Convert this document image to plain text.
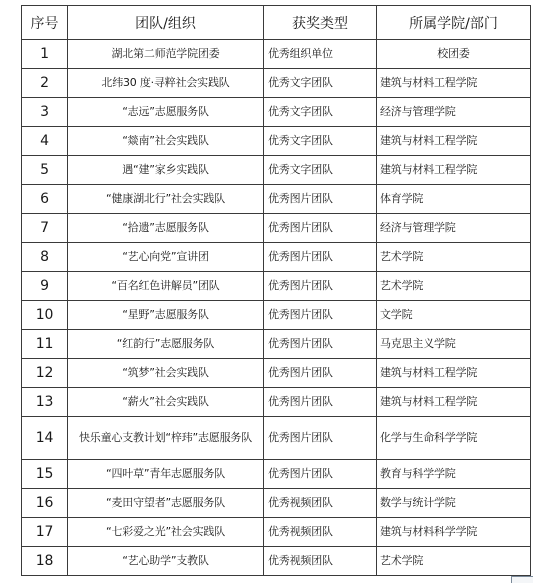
序号	团队/组织	获奖类型	所属学院/部门
1	湖北第二师范学院团委	优秀组织单位	校团委
2	北纬30 度·寻粹社会实践队	优秀文字团队	建筑与材料工程学院
3	“志远”志愿服务队	优秀文字团队	经济与管理学院
4	“燚南”社会实践队	优秀文字团队	建筑与材料工程学院
5	遇“建”家乡实践队	优秀文字团队	建筑与材料工程学院
6	“健康湖北行”社会实践队	优秀图片团队	体育学院
7	“拾遗”志愿服务队	优秀图片团队	经济与管理学院
8	“艺心向党”宣讲团	优秀图片团队	艺术学院
9	“百名红色讲解员”团队	优秀图片团队	艺术学院
10	“星野”志愿服务队	优秀图片团队	文学院
11	“红韵行”志愿服务队	优秀图片团队	马克思主义学院
12	“筑梦”社会实践队	优秀图片团队	建筑与材料工程学院
13	“薪火”社会实践队	优秀图片团队	建筑与材料工程学院
14	快乐童心支教计划“梓玮”志愿服务队	优秀图片团队	化学与生命科学学院
15	“四叶草”青年志愿服务队	优秀图片团队	教育与科学学院
16	“麦田守望者”志愿服务队	优秀视频团队	数学与统计学院
17	“七彩爱之光”社会实践队	优秀视频团队	建筑与材料科学学院
18	“艺心助学”支教队	优秀视频团队	艺术学院
